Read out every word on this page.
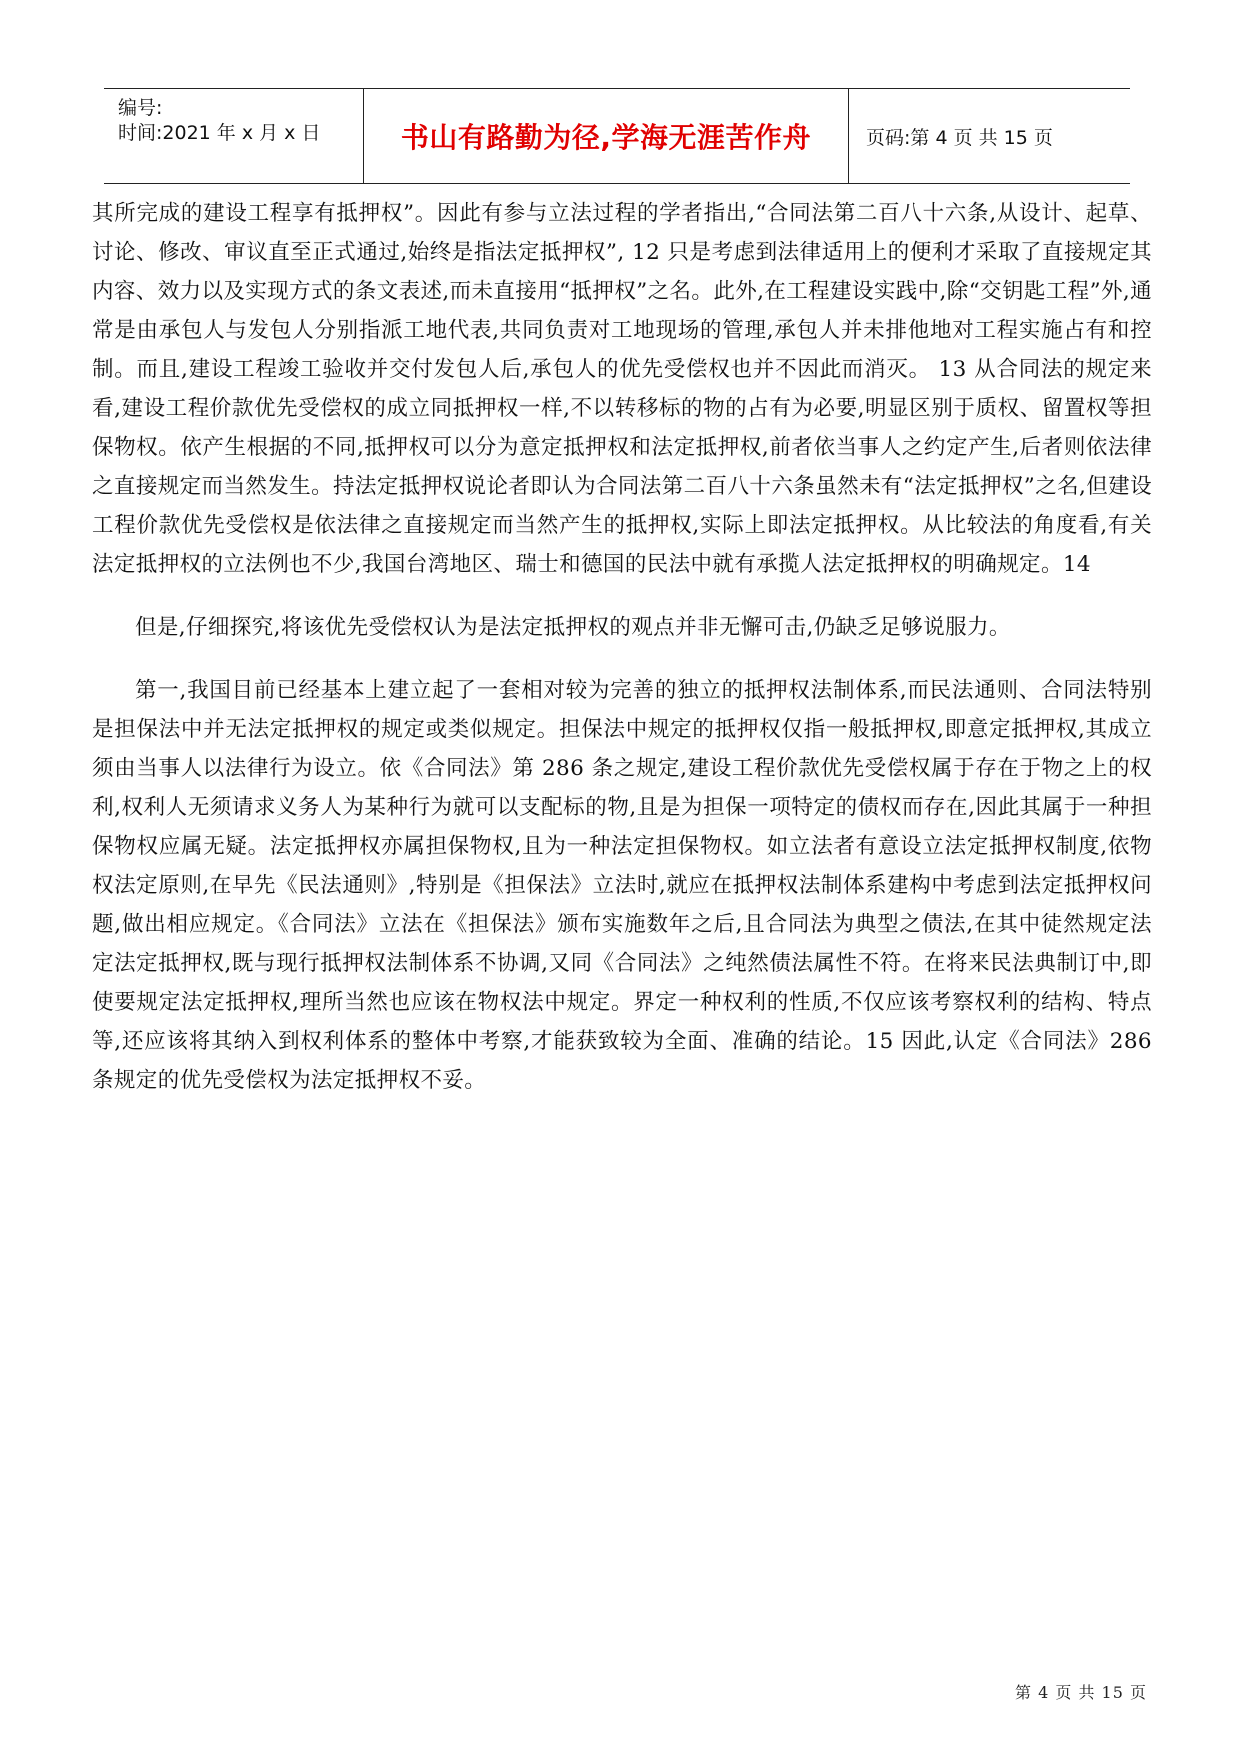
编号:
时间:2021 年 x 月 x 日	书山有路勤为径,学海无涯苦作舟	页码:第 4 页 共 15 页

其所完成的建设工程享有抵押权”。因此有参与立法过程的学者指出,“合同法第二百八十六条,从设计、起草、讨论、修改、审议直至正式通过,始终是指法定抵押权”, 12 只是考虑到法律适用上的便利才采取了直接规定其内容、效力以及实现方式的条文表述,而未直接用“抵押权”之名。此外,在工程建设实践中,除“交钥匙工程”外,通常是由承包人与发包人分别指派工地代表,共同负责对工地现场的管理,承包人并未排他地对工程实施占有和控制。而且,建设工程竣工验收并交付发包人后,承包人的优先受偿权也并不因此而消灭。 13 从合同法的规定来看,建设工程价款优先受偿权的成立同抵押权一样,不以转移标的物的占有为必要,明显区别于质权、留置权等担保物权。依产生根据的不同,抵押权可以分为意定抵押权和法定抵押权,前者依当事人之约定产生,后者则依法律之直接规定而当然发生。持法定抵押权说论者即认为合同法第二百八十六条虽然未有“法定抵押权”之名,但建设工程价款优先受偿权是依法律之直接规定而当然产生的抵押权,实际上即法定抵押权。从比较法的角度看,有关法定抵押权的立法例也不少,我国台湾地区、瑞士和德国的民法中就有承揽人法定抵押权的明确规定。14

但是,仔细探究,将该优先受偿权认为是法定抵押权的观点并非无懈可击,仍缺乏足够说服力。

第一,我国目前已经基本上建立起了一套相对较为完善的独立的抵押权法制体系,而民法通则、合同法特别是担保法中并无法定抵押权的规定或类似规定。担保法中规定的抵押权仅指一般抵押权,即意定抵押权,其成立须由当事人以法律行为设立。依《合同法》第 286 条之规定,建设工程价款优先受偿权属于存在于物之上的权利,权利人无须请求义务人为某种行为就可以支配标的物,且是为担保一项特定的债权而存在,因此其属于一种担保物权应属无疑。法定抵押权亦属担保物权,且为一种法定担保物权。如立法者有意设立法定抵押权制度,依物权法定原则,在早先《民法通则》,特别是《担保法》立法时,就应在抵押权法制体系建构中考虑到法定抵押权问题,做出相应规定。《合同法》立法在《担保法》颁布实施数年之后,且合同法为典型之债法,在其中徒然规定法定法定抵押权,既与现行抵押权法制体系不协调,又同《合同法》之纯然债法属性不符。在将来民法典制订中,即使要规定法定抵押权,理所当然也应该在物权法中规定。界定一种权利的性质,不仅应该考察权利的结构、特点等,还应该将其纳入到权利体系的整体中考察,才能获致较为全面、准确的结论。15 因此,认定《合同法》286 条规定的优先受偿权为法定抵押权不妥。

第 4 页 共 15 页
